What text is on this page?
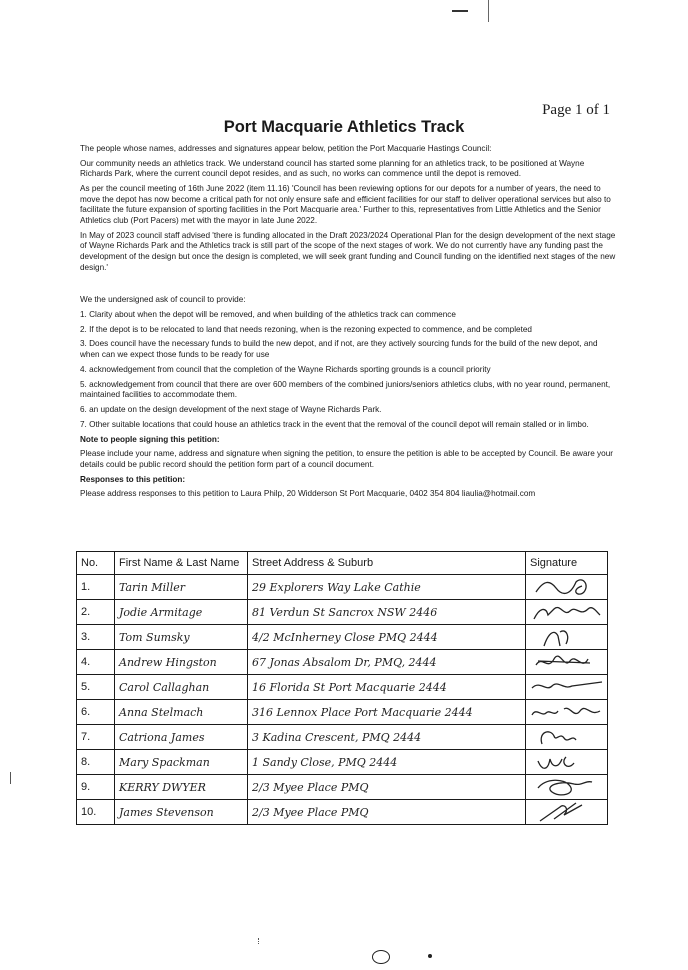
Page 1 of 1
Port Macquarie Athletics Track

The people whose names, addresses and signatures appear below, petition the Port Macquarie Hastings Council:

Our community needs an athletics track. We understand council has started some planning for an athletics track, to be positioned at Wayne Richards Park, where the current council depot resides, and as such, no works can commence until the depot is removed.

As per the council meeting of 16th June 2022 (item 11.16) 'Council has been reviewing options for our depots for a number of years, the need to move the depot has now become a critical path for not only ensure safe and efficient facilities for our staff to deliver operational services but also to facilitate the future expansion of sporting facilities in the Port Macquarie area.' Further to this, representatives from Little Athletics and the Senior Athletics club (Port Pacers) met with the mayor in late June 2022.

In May of 2023 council staff advised 'there is funding allocated in the Draft 2023/2024 Operational Plan for the design development of the next stage of Wayne Richards Park and the Athletics track is still part of the scope of the next stages of work. We do not currently have any funding past the development of the design but once the design is completed, we will seek grant funding and Council funding on the identified next stages of the new design.'

We the undersigned ask of council to provide:

1. Clarity about when the depot will be removed, and when building of the athletics track can commence

2. If the depot is to be relocated to land that needs rezoning, when is the rezoning expected to commence, and be completed

3. Does council have the necessary funds to build the new depot, and if not, are they actively sourcing funds for the build of the new depot, and when can we expect those funds to be ready for use

4. acknowledgement from council that the completion of the Wayne Richards sporting grounds is a council priority

5. acknowledgement from council that there are over 600 members of the combined juniors/seniors athletics clubs, with no year round, permanent, maintained facilities to accommodate them.

6. an update on the design development of the next stage of Wayne Richards Park.

7. Other suitable locations that could house an athletics track in the event that the removal of the council depot will remain stalled or in limbo.

Note to people signing this petition:

Please include your name, address and signature when signing the petition, to ensure the petition is able to be accepted by Council. Be aware your details could be public record should the petition form part of a council document.

Responses to this petition:

Please address responses to this petition to Laura Philp, 20 Widderson St Port Macquarie, 0402 354 804 liaulia@hotmail.com

No.	First Name & Last Name	Street Address & Suburb	Signature
1.	Tarin Miller	29 Explorers Way Lake Cathie	

2.	Jodie Armitage	81 Verdun St Sancrox NSW 2446	

3.	Tom Sumsky	4/2 McInherney Close PMQ 2444	

4.	Andrew Hingston	67 Jonas Absalom Dr, PMQ, 2444	

5.	Carol Callaghan	16 Florida St Port Macquarie 2444	

6.	Anna Stelmach	316 Lennox Place Port Macquarie 2444	

7.	Catriona James	3 Kadina Crescent, PMQ 2444	

8.	Mary Spackman	1 Sandy Close, PMQ 2444	

9.	KERRY DWYER	2/3 Myee Place PMQ	

10.	James Stevenson	2/3 Myee Place PMQ	
